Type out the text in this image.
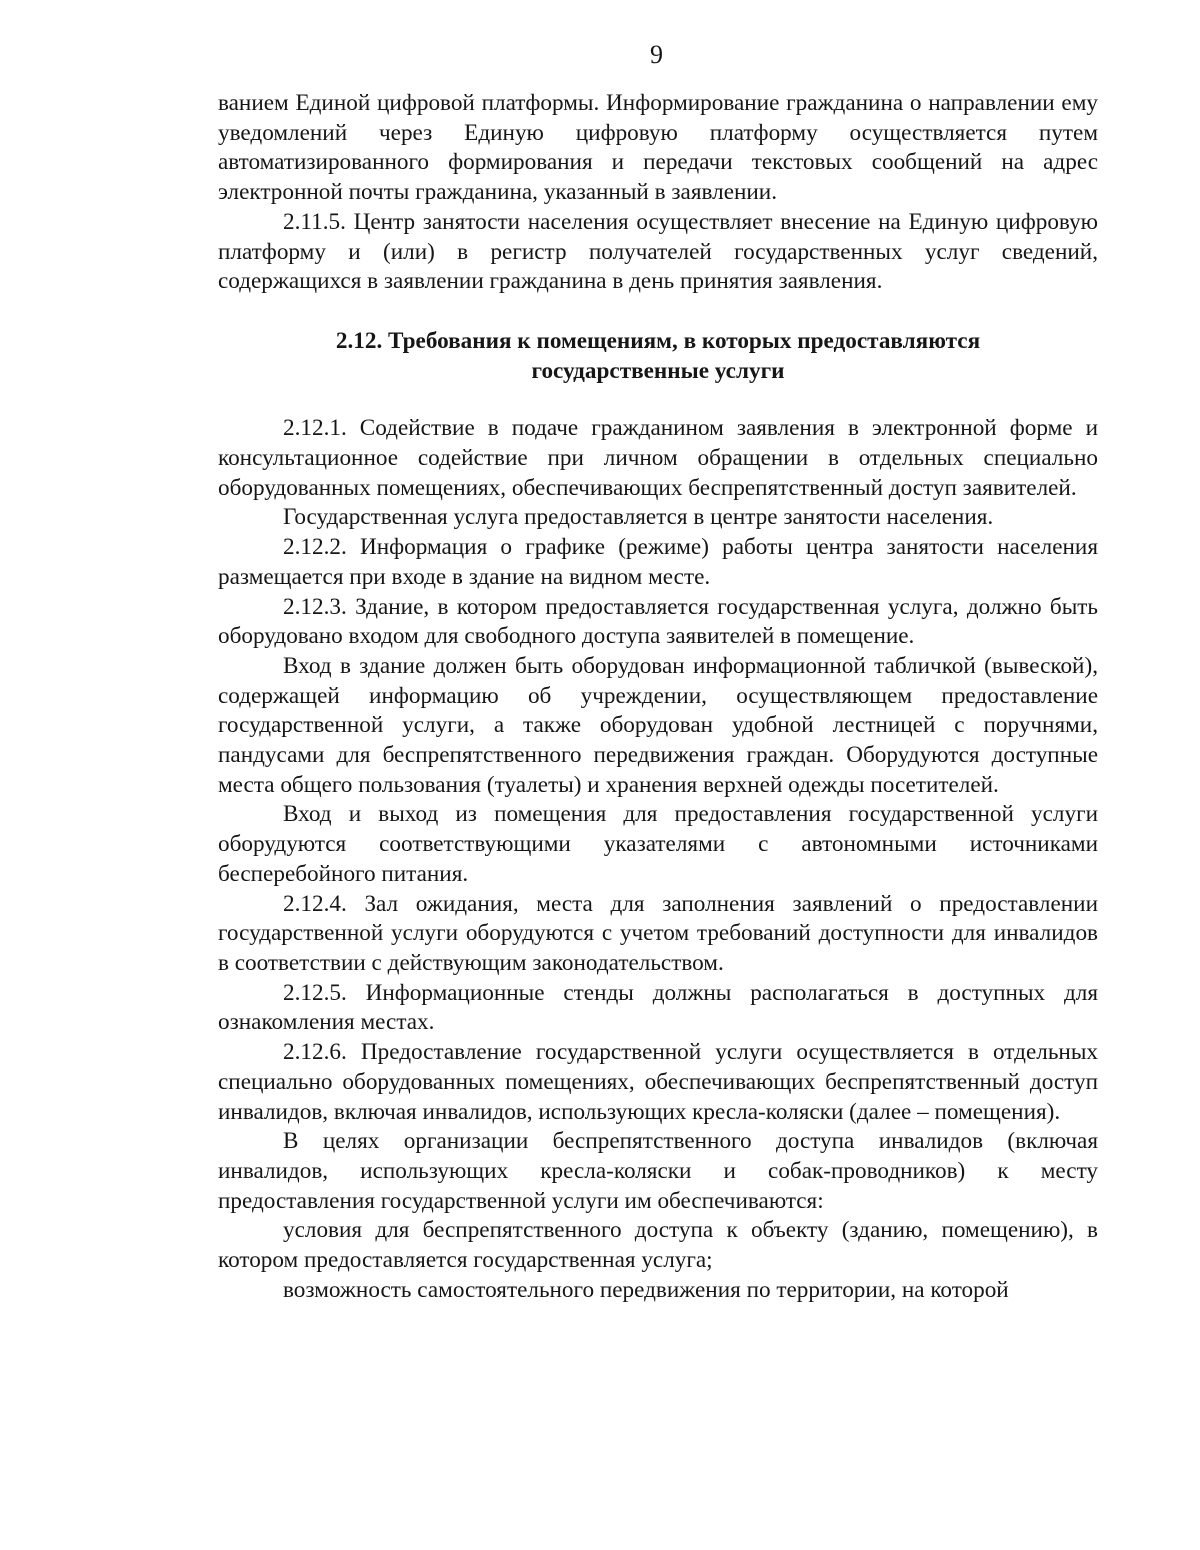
9

ванием Единой цифровой платформы. Информирование гражданина о направлении ему уведомлений через Единую цифровую платформу осуществляется путем автоматизированного формирования и передачи текстовых сообщений на адрес электронной почты гражданина, указанный в заявлении.

2.11.5. Центр занятости населения осуществляет внесение на Единую цифровую платформу и (или) в регистр получателей государственных услуг сведений, содержащихся в заявлении гражданина в день принятия заявления.

2.12. Требования к помещениям, в которых предоставляются
государственные услуги

2.12.1. Содействие в подаче гражданином заявления в электронной форме и консультационное содействие при личном обращении в отдельных специально оборудованных помещениях, обеспечивающих беспрепятственный доступ заявителей.

Государственная услуга предоставляется в центре занятости населения.

2.12.2. Информация о графике (режиме) работы центра занятости населения размещается при входе в здание на видном месте.

2.12.3. Здание, в котором предоставляется государственная услуга, должно быть оборудовано входом для свободного доступа заявителей в помещение.

Вход в здание должен быть оборудован информационной табличкой (вывеской), содержащей информацию об учреждении, осуществляющем предоставление государственной услуги, а также оборудован удобной лестницей с поручнями, пандусами для беспрепятственного передвижения граждан. Оборудуются доступные места общего пользования (туалеты) и хранения верхней одежды посетителей.

Вход и выход из помещения для предоставления государственной услуги оборудуются соответствующими указателями с автономными источниками бесперебойного питания.

2.12.4. Зал ожидания, места для заполнения заявлений о предоставлении государственной услуги оборудуются с учетом требований доступности для инвалидов в соответствии с действующим законодательством.

2.12.5. Информационные стенды должны располагаться в доступных для ознакомления местах.

2.12.6. Предоставление государственной услуги осуществляется в отдельных специально оборудованных помещениях, обеспечивающих беспрепятственный доступ инвалидов, включая инвалидов, использующих кресла-коляски (далее – помещения).

В целях организации беспрепятственного доступа инвалидов (включая инвалидов, использующих кресла-коляски и собак-проводников) к месту предоставления государственной услуги им обеспечиваются:

условия для беспрепятственного доступа к объекту (зданию, помещению), в котором предоставляется государственная услуга;

возможность самостоятельного передвижения по территории, на которой
